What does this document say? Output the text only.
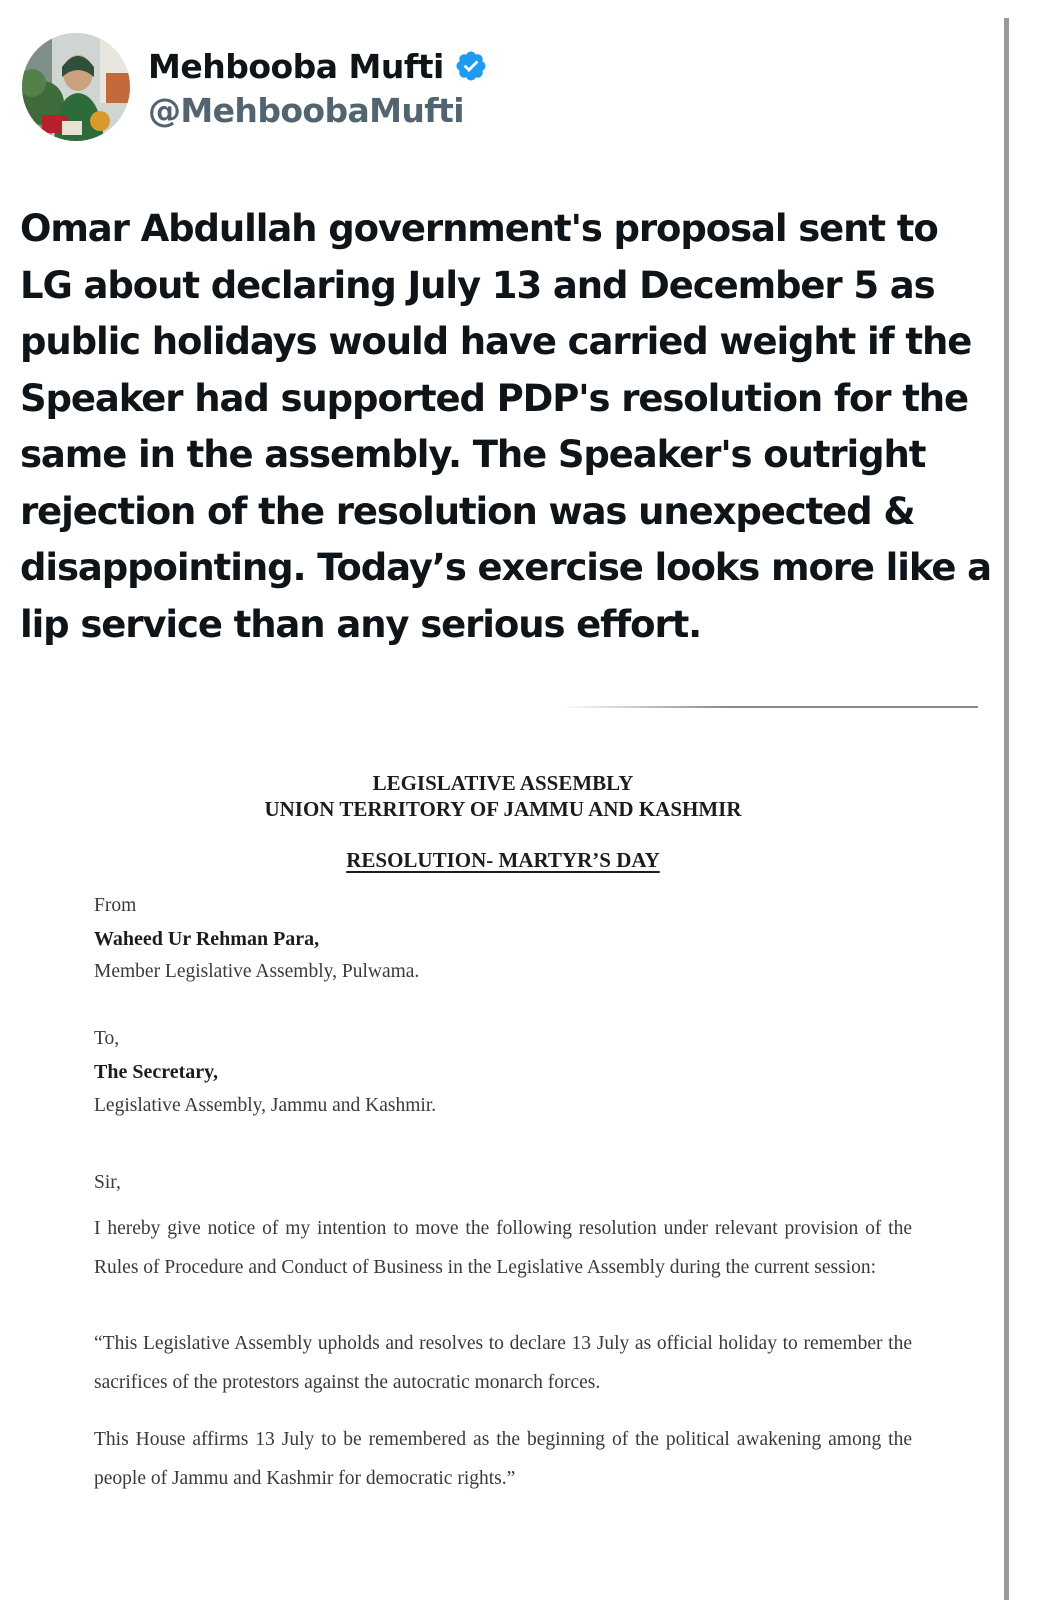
Mehbooba Mufti
@MehboobaMufti

Omar Abdullah government's proposal sent to LG about declaring July 13 and December 5 as public holidays would have carried weight if the Speaker had supported PDP's resolution for the same in the assembly. The Speaker's outright rejection of the resolution was unexpected & disappointing. Today’s exercise looks more like a lip service than any serious effort.

LEGISLATIVE ASSEMBLY
UNION TERRITORY OF JAMMU AND KASHMIR
RESOLUTION- MARTYR’S DAY
From
Waheed Ur Rehman Para,
Member Legislative Assembly, Pulwama.
To,
The Secretary,
Legislative Assembly, Jammu and Kashmir.
Sir,

I hereby give notice of my intention to move the following resolution under relevant provision of the Rules of Procedure and Conduct of Business in the Legislative Assembly during the current session:

“This Legislative Assembly upholds and resolves to declare 13 July as official holiday to remember the sacrifices of the protestors against the autocratic monarch forces.

This House affirms 13 July to be remembered as the beginning of the political awakening among the people of Jammu and Kashmir for democratic rights.”
